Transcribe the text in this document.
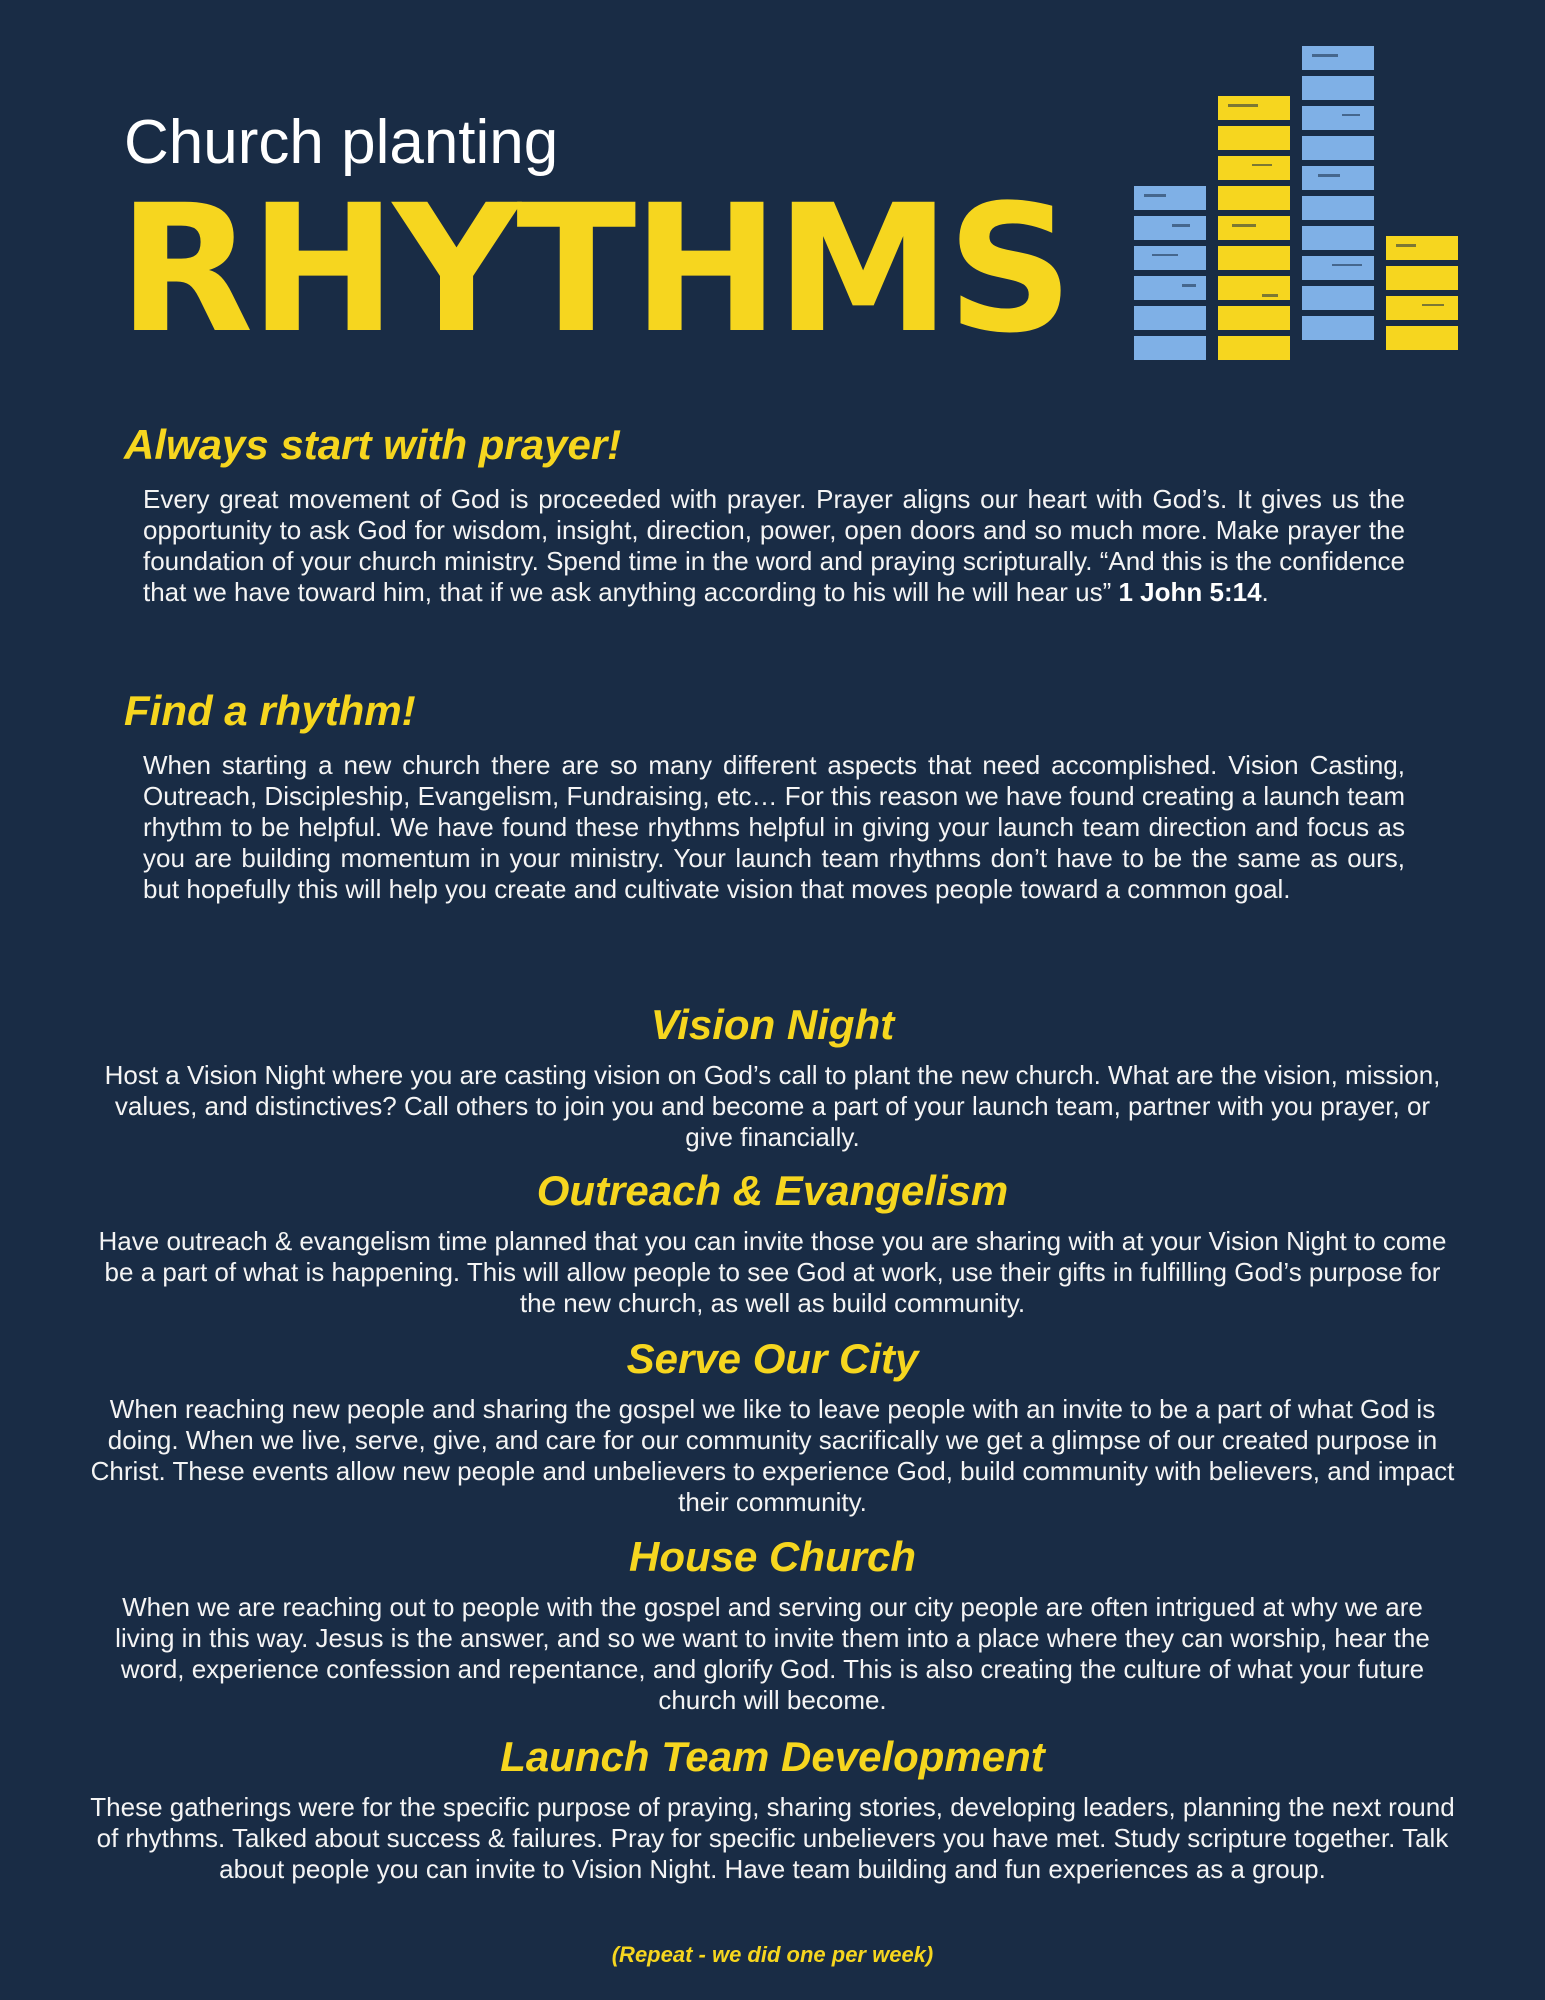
Church planting
RHYTHMS
Always start with prayer!

Every great movement of God is proceeded with prayer. Prayer aligns our heart with God’s. It gives us the opportunity to ask God for wisdom, insight, direction, power, open doors and so much more. Make prayer the foundation of your church ministry. Spend time in the word and praying scripturally. “And this is the confidence that we have toward him, that if we ask anything according to his will he will hear us” 1 John 5:14.

Find a rhythm!

When starting a new church there are so many different aspects that need accomplished. Vision Casting, Outreach, Discipleship, Evangelism, Fundraising, etc… For this reason we have found creating a launch team rhythm to be helpful. We have found these rhythms helpful in giving your launch team direction and focus as you are building momentum in your ministry. Your launch team rhythms don’t have to be the same as ours, but hopefully this will help you create and cultivate vision that moves people toward a common goal.

Vision Night

Host a Vision Night where you are casting vision on God’s call to plant the new church. What are the vision, mission, values, and distinctives? Call others to join you and become a part of your launch team, partner with you prayer, or give financially.

Outreach & Evangelism

Have outreach & evangelism time planned that you can invite those you are sharing with at your Vision Night to come be a part of what is happening. This will allow people to see God at work, use their gifts in fulfilling God’s purpose for the new church, as well as build community.

Serve Our City

When reaching new people and sharing the gospel we like to leave people with an invite to be a part of what God is doing. When we live, serve, give, and care for our community sacrifically we get a glimpse of our created purpose in Christ. These events allow new people and unbelievers to experience God, build community with believers, and impact their community.

House Church

When we are reaching out to people with the gospel and serving our city people are often intrigued at why we are living in this way. Jesus is the answer, and so we want to invite them into a place where they can worship, hear the word, experience confession and repentance, and glorify God. This is also creating the culture of what your future church will become.

Launch Team Development

These gatherings were for the specific purpose of praying, sharing stories, developing leaders, planning the next round of rhythms. Talked about success & failures. Pray for specific unbelievers you have met. Study scripture together. Talk about people you can invite to Vision Night. Have team building and fun experiences as a group.

(Repeat - we did one per week)
